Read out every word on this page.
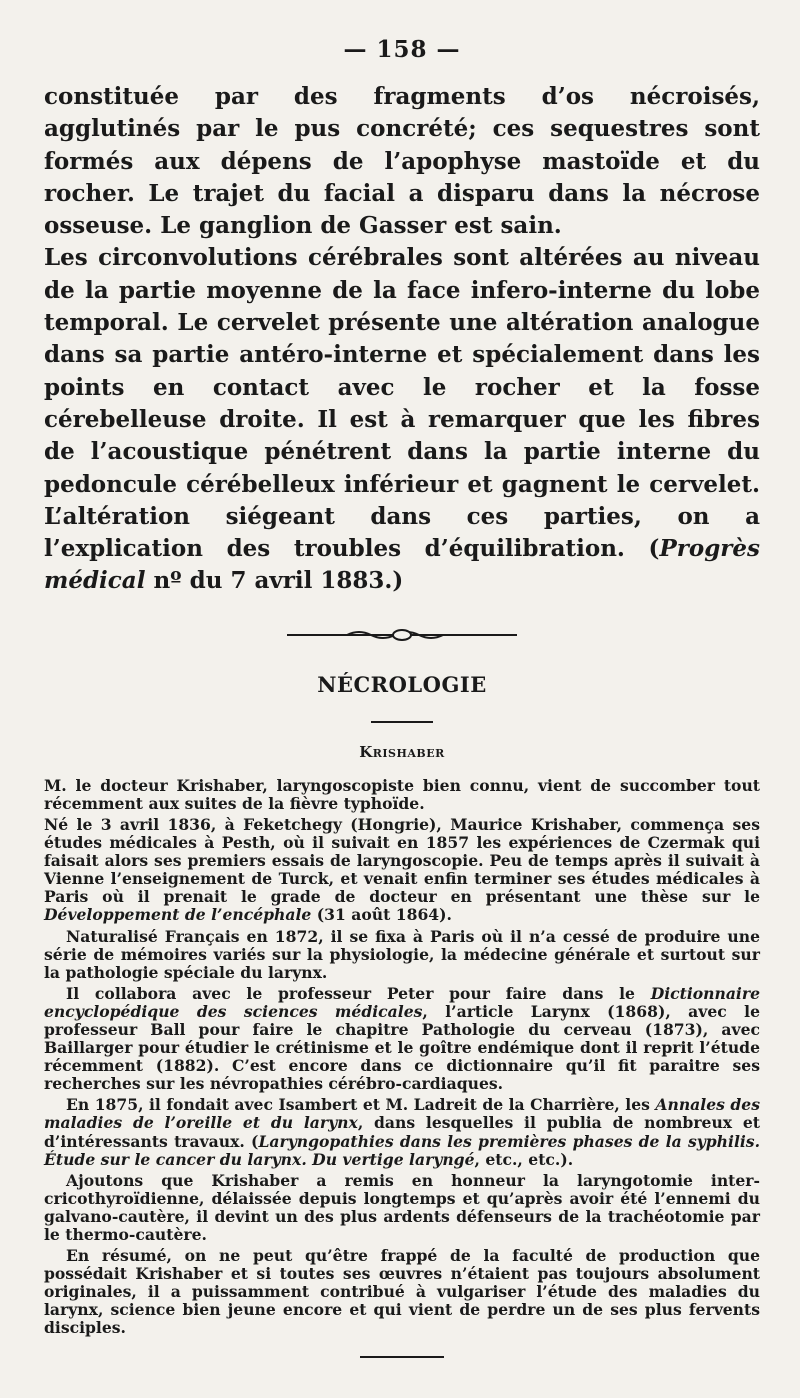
— 158 —

constituée par des fragments d’os nécroisés, agglutinés par le pus concrété; ces sequestres sont formés aux dépens de l’apophyse mastoïde et du rocher. Le trajet du facial a disparu dans la nécrose osseuse. Le ganglion de Gasser est sain.

Les circonvolutions cérébrales sont altérées au niveau de la partie moyenne de la face infero-interne du lobe temporal. Le cervelet présente une altération analogue dans sa partie antéro-interne et spécialement dans les points en contact avec le rocher et la fosse cérebelleuse droite. Il est à remarquer que les fibres de l’acoustique pénétrent dans la partie interne du pedoncule cérébelleux inférieur et gagnent le cervelet. L’altération siégeant dans ces parties, on a l’explication des troubles d’équilibration. (Progrès médical nº du 7 avril 1883.)

NÉCROLOGIE
Krishaber

M. le docteur Krishaber, laryngoscopiste bien connu, vient de succomber tout récemment aux suites de la fièvre typhoïde.

Né le 3 avril 1836, à Feketchegy (Hongrie), Maurice Krishaber, commença ses études médicales à Pesth, où il suivait en 1857 les expériences de Czermak qui faisait alors ses premiers essais de laryngoscopie. Peu de temps après il suivait à Vienne l’enseignement de Turck, et venait enfin terminer ses études médicales à Paris où il prenait le grade de docteur en présentant une thèse sur le Développement de l’encéphale (31 août 1864).

Naturalisé Français en 1872, il se fixa à Paris où il n’a cessé de produire une série de mémoires variés sur la physiologie, la médecine générale et surtout sur la pathologie spéciale du larynx.

Il collabora avec le professeur Peter pour faire dans le Dictionnaire encyclopédique des sciences médicales, l’article Larynx (1868), avec le professeur Ball pour faire le chapitre Pathologie du cerveau (1873), avec Baillarger pour étudier le crétinisme et le goître endémique dont il reprit l’étude récemment (1882). C’est encore dans ce dictionnaire qu’il fit paraitre ses recherches sur les névropathies cérébro-cardiaques.

En 1875, il fondait avec Isambert et M. Ladreit de la Charrière, les Annales des maladies de l’oreille et du larynx, dans lesquelles il publia de nombreux et d’intéressants travaux. (Laryngopathies dans les premières phases de la syphilis. Étude sur le cancer du larynx. Du vertige laryngé, etc., etc.).

Ajoutons que Krishaber a remis en honneur la laryngotomie inter-cricothyroïdienne, délaissée depuis longtemps et qu’après avoir été l’ennemi du galvano-cautère, il devint un des plus ardents défenseurs de la trachéotomie par le thermo-cautère.

En résumé, on ne peut qu’être frappé de la faculté de production que possédait Krishaber et si toutes ses œuvres n’étaient pas toujours absolument originales, il a puissamment contribué à vulgariser l’étude des maladies du larynx, science bien jeune encore et qui vient de perdre un de ses plus fervents disciples.
